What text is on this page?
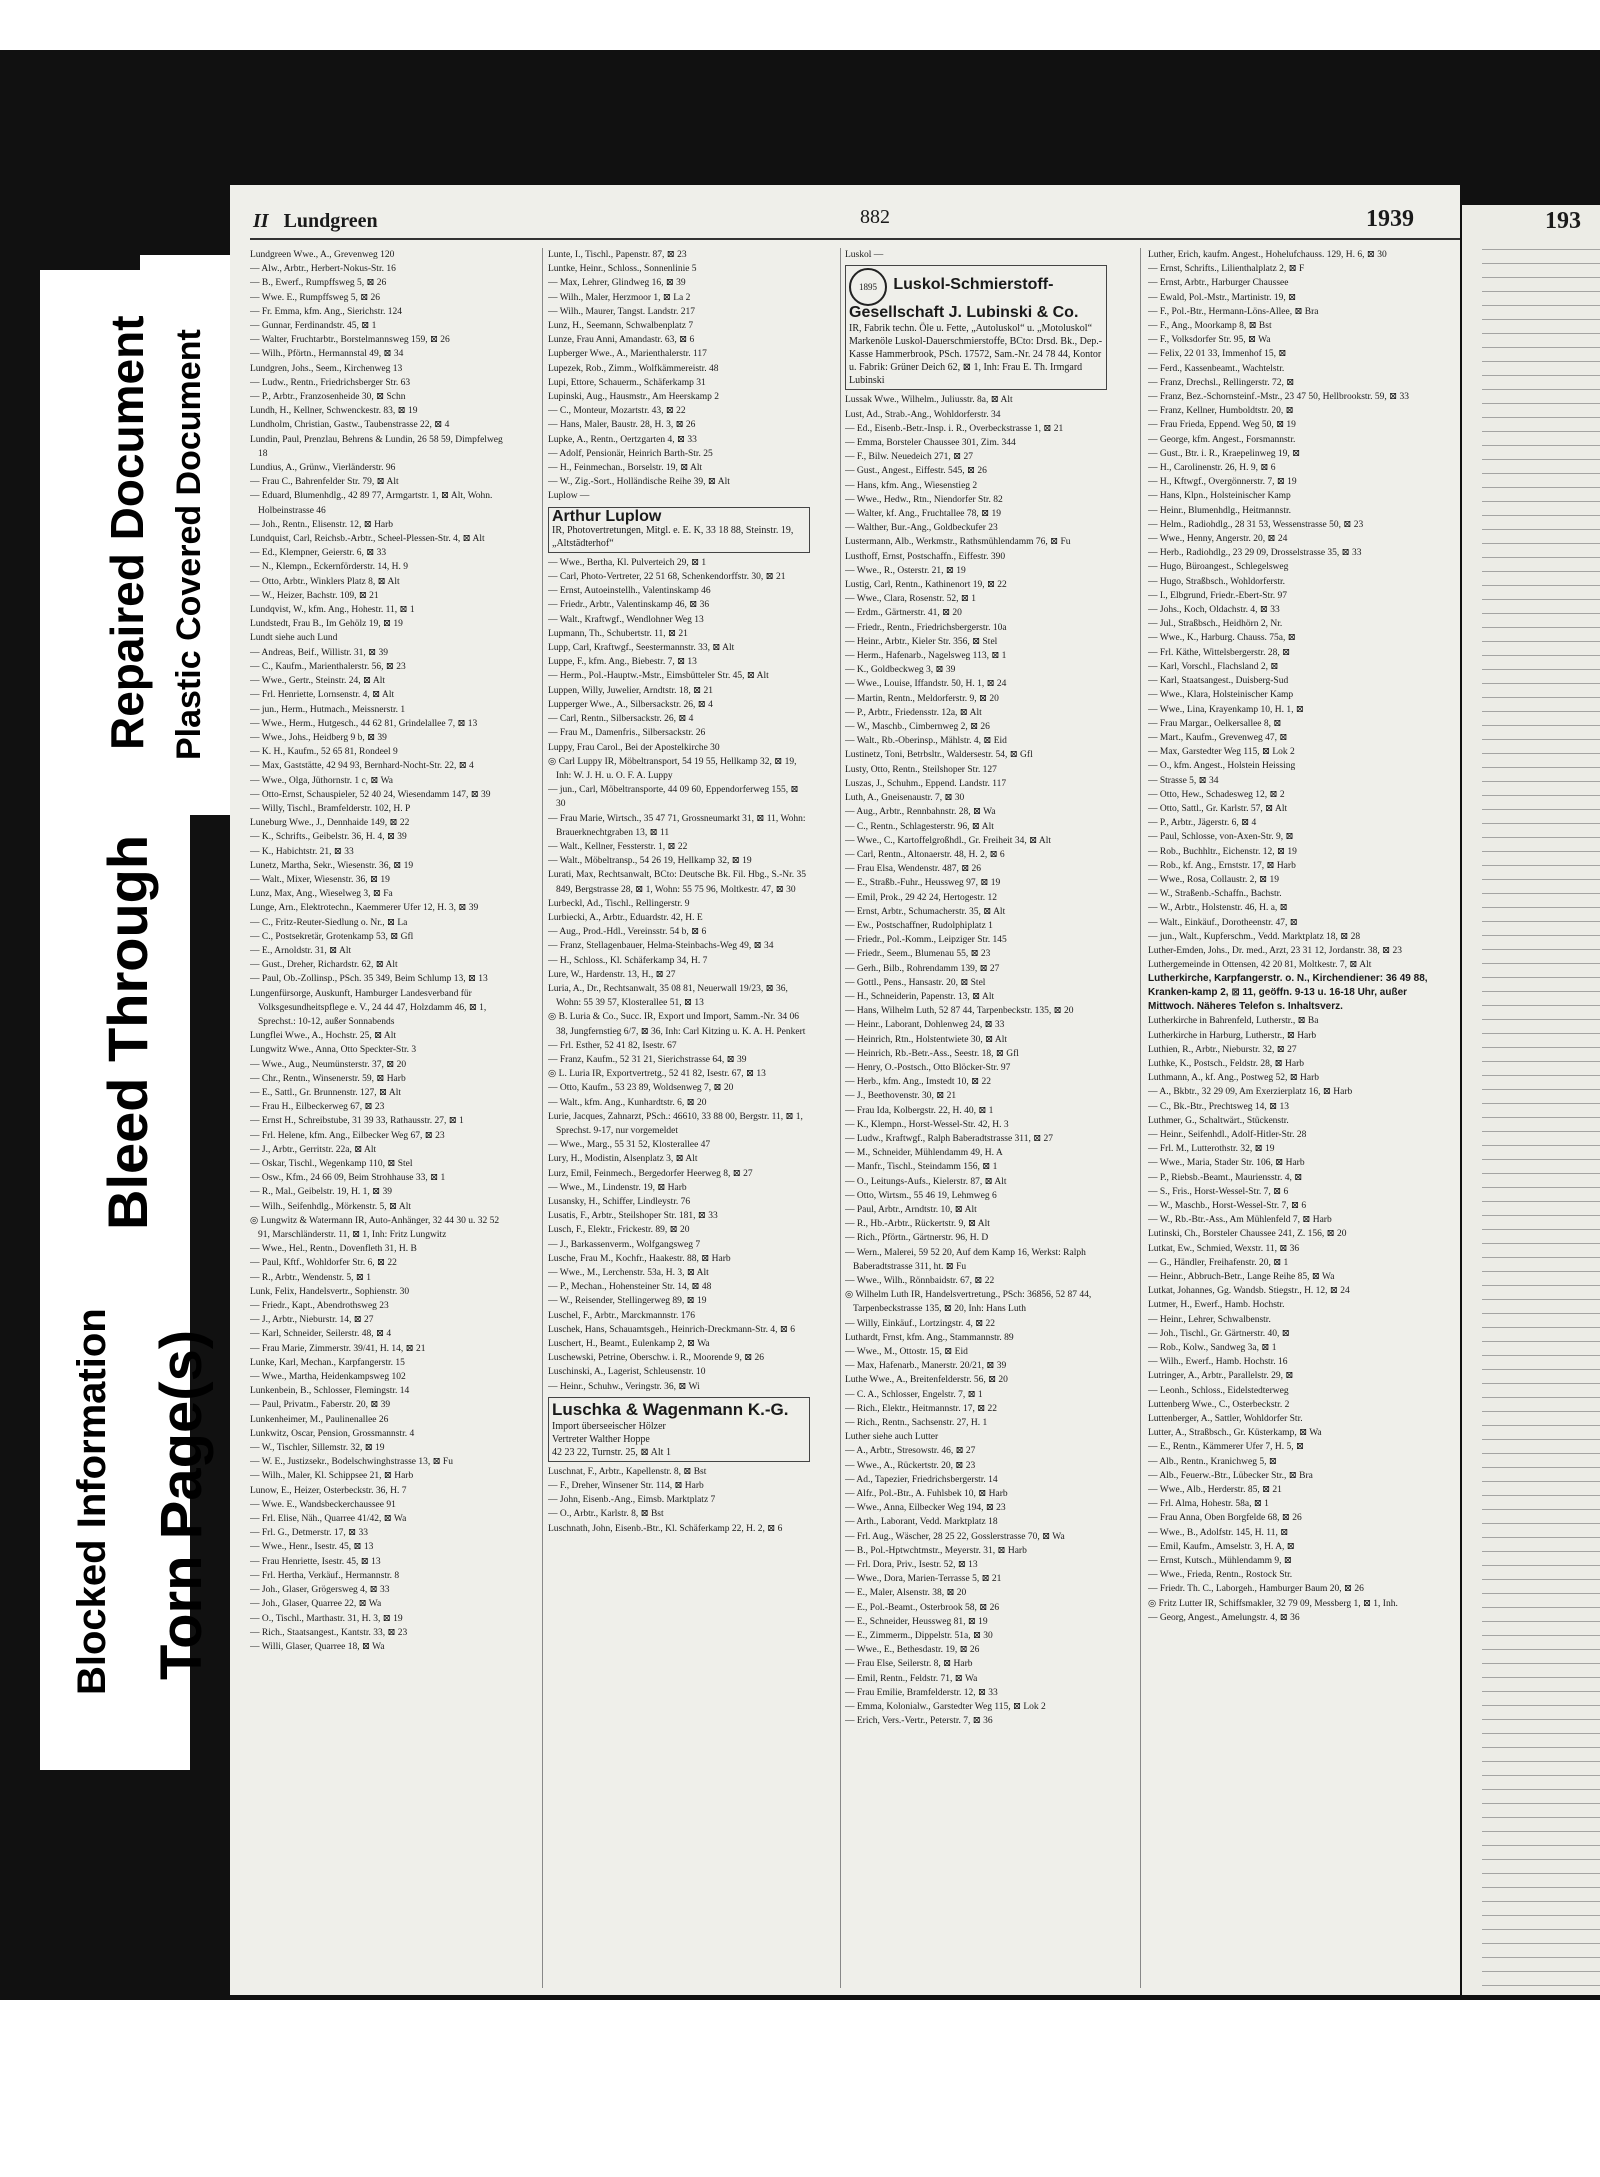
Blocked Information Torn Page(s)
Bleed Through
Repaired Document Plastic Covered Document
193
II Lundgreen	882	1939
Lundgreen Wwe., A., Grevenweg 120
— Alw., Arbtr., Herbert-Nokus-Str. 16
— B., Ewerf., Rumpffsweg 5, ⊠ 26
— Wwe. E., Rumpffsweg 5, ⊠ 26
— Fr. Emma, kfm. Ang., Sierichstr. 124
— Gunnar, Ferdinandstr. 45, ⊠ 1
— Walter, Fruchtarbtr., Borstelmannsweg 159, ⊠ 26
— Wilh., Pförtn., Hermannstal 49, ⊠ 34
Lundgren, Johs., Seem., Kirchenweg 13
— Ludw., Rentn., Friedrichsberger Str. 63
— P., Arbtr., Franzosenheide 30, ⊠ Schn
Lundh, H., Kellner, Schwenckestr. 83, ⊠ 19
Lundholm, Christian, Gastw., Taubenstrasse 22, ⊠ 4
Lundin, Paul, Prenzlau, Behrens & Lundin, 26 58 59, Dimpfelweg 18
Lundius, A., Grünw., Vierländerstr. 96
— Frau C., Bahrenfelder Str. 79, ⊠ Alt
— Eduard, Blumenhdlg., 42 89 77, Armgartstr. 1, ⊠ Alt, Wohn. Holbeinstrasse 46
— Joh., Rentn., Elisenstr. 12, ⊠ Harb
Lundquist, Carl, Reichsb.-Arbtr., Scheel-Plessen-Str. 4, ⊠ Alt
— Ed., Klempner, Geierstr. 6, ⊠ 33
— N., Klempn., Eckernförderstr. 14, H. 9
— Otto, Arbtr., Winklers Platz 8, ⊠ Alt
— W., Heizer, Bachstr. 109, ⊠ 21
Lundqvist, W., kfm. Ang., Hohestr. 11, ⊠ 1
Lundstedt, Frau B., Im Gehölz 19, ⊠ 19
Lundt siehe auch Lund
— Andreas, Beif., Willistr. 31, ⊠ 39
— C., Kaufm., Marienthalerstr. 56, ⊠ 23
— Wwe., Gertr., Steinstr. 24, ⊠ Alt
— Frl. Henriette, Lornsenstr. 4, ⊠ Alt
— jun., Herm., Hutmach., Meissnerstr. 1
— Wwe., Herm., Hutgesch., 44 62 81, Grindelallee 7, ⊠ 13
— Wwe., Johs., Heidberg 9 b, ⊠ 39
— K. H., Kaufm., 52 65 81, Rondeel 9
— Max, Gaststätte, 42 94 93, Bernhard-Nocht-Str. 22, ⊠ 4
— Wwe., Olga, Jüthornstr. 1 c, ⊠ Wa
— Otto-Ernst, Schauspieler, 52 40 24, Wiesendamm 147, ⊠ 39
— Willy, Tischl., Bramfelderstr. 102, H. P
Luneburg Wwe., J., Dennhaide 149, ⊠ 22
— K., Schrifts., Geibelstr. 36, H. 4, ⊠ 39
— K., Habichtstr. 21, ⊠ 33
Lunetz, Martha, Sekr., Wiesenstr. 36, ⊠ 19
— Walt., Mixer, Wiesenstr. 36, ⊠ 19
Lunz, Max, Ang., Wieselweg 3, ⊠ Fa
Lunge, Arn., Elektrotechn., Kaemmerer Ufer 12, H. 3, ⊠ 39
— C., Fritz-Reuter-Siedlung o. Nr., ⊠ La
— C., Postsekretär, Grotenkamp 53, ⊠ Gfl
— E., Arnoldstr. 31, ⊠ Alt
— Gust., Dreher, Richardstr. 62, ⊠ Alt
— Paul, Ob.-Zollinsp., PSch. 35 349, Beim Schlump 13, ⊠ 13
Lungenfürsorge, Auskunft, Hamburger Landesverband für Volksgesundheitspflege e. V., 24 44 47, Holzdamm 46, ⊠ 1, Sprechst.: 10-12, außer Sonnabends
Lungflei Wwe., A., Hochstr. 25, ⊠ Alt
Lungwitz Wwe., Anna, Otto Speckter-Str. 3
— Wwe., Aug., Neumünsterstr. 37, ⊠ 20
— Chr., Rentn., Winsenerstr. 59, ⊠ Harb
— E., Sattl., Gr. Brunnenstr. 127, ⊠ Alt
— Frau H., Eilbeckerweg 67, ⊠ 23
— Ernst H., Schreibstube, 31 39 33, Rathausstr. 27, ⊠ 1
— Frl. Helene, kfm. Ang., Eilbecker Weg 67, ⊠ 23
— J., Arbtr., Gerritstr. 22a, ⊠ Alt
— Oskar, Tischl., Wegenkamp 110, ⊠ Stel
— Osw., Kfm., 24 66 09, Beim Strohhause 33, ⊠ 1
— R., Mal., Geibelstr. 19, H. 1, ⊠ 39
— Wilh., Seifenhdlg., Mörkenstr. 5, ⊠ Alt
◎ Lungwitz & Watermann IR, Auto-Anhänger, 32 44 30 u. 32 52 91, Marschländerstr. 11, ⊠ 1, Inh: Fritz Lungwitz
— Wwe., Hel., Rentn., Dovenfleth 31, H. B
— Paul, Kftf., Wohldorfer Str. 6, ⊠ 22
— R., Arbtr., Wendenstr. 5, ⊠ 1
Lunk, Felix, Handelsvertr., Sophienstr. 30
— Friedr., Kapt., Abendrothsweg 23
— J., Arbtr., Nieburstr. 14, ⊠ 27
— Karl, Schneider, Seilerstr. 48, ⊠ 4
— Frau Marie, Zimmerstr. 39/41, H. 14, ⊠ 21
Lunke, Karl, Mechan., Karpfangerstr. 15
— Wwe., Martha, Heidenkampsweg 102
Lunkenbein, B., Schlosser, Flemingstr. 14
— Paul, Privatm., Faberstr. 20, ⊠ 39
Lunkenheimer, M., Paulinenallee 26
Lunkwitz, Oscar, Pension, Grossmannstr. 4
— W., Tischler, Sillemstr. 32, ⊠ 19
— W. E., Justizsekr., Bodelschwinghstrasse 13, ⊠ Fu
— Wilh., Maler, Kl. Schippsee 21, ⊠ Harb
Lunow, E., Heizer, Osterbeckstr. 36, H. 7
— Wwe. E., Wandsbeckerchaussee 91
— Frl. Elise, Näh., Quarree 41/42, ⊠ Wa
— Frl. G., Detmerstr. 17, ⊠ 33
— Wwe., Henr., Isestr. 45, ⊠ 13
— Frau Henriette, Isestr. 45, ⊠ 13
— Frl. Hertha, Verkäuf., Hermannstr. 8
— Joh., Glaser, Grögersweg 4, ⊠ 33
— Joh., Glaser, Quarree 22, ⊠ Wa
— O., Tischl., Marthastr. 31, H. 3, ⊠ 19
— Rich., Staatsangest., Kantstr. 33, ⊠ 23
— Willi, Glaser, Quarree 18, ⊠ Wa
Lunte, I., Tischl., Papenstr. 87, ⊠ 23
Luntke, Heinr., Schloss., Sonnenlinie 5
— Max, Lehrer, Glindweg 16, ⊠ 39
— Wilh., Maler, Herzmoor 1, ⊠ La 2
— Wilh., Maurer, Tangst. Landstr. 217
Lunz, H., Seemann, Schwalbenplatz 7
Lunze, Frau Anni, Amandastr. 63, ⊠ 6
Lupberger Wwe., A., Marienthalerstr. 117
Lupezek, Rob., Zimm., Wolfkämmereistr. 48
Lupi, Ettore, Schauerm., Schäferkamp 31
Lupinski, Aug., Hausmstr., Am Heerskamp 2
— C., Monteur, Mozartstr. 43, ⊠ 22
— Hans, Maler, Baustr. 28, H. 3, ⊠ 26
Lupke, A., Rentn., Oertzgarten 4, ⊠ 33
— Adolf, Pensionär, Heinrich Barth-Str. 25
— H., Feinmechan., Borselstr. 19, ⊠ Alt
— W., Zig.-Sort., Holländische Reihe 39, ⊠ Alt
Luplow —
Arthur Luplow
IR, Photovertretungen, Mitgl. e. E. K, 33 18 88, Steinstr. 19, „Altstädterhof“
— Wwe., Bertha, Kl. Pulverteich 29, ⊠ 1
— Carl, Photo-Vertreter, 22 51 68, Schenkendorffstr. 30, ⊠ 21
— Ernst, Autoeinstellh., Valentinskamp 46
— Friedr., Arbtr., Valentinskamp 46, ⊠ 36
— Walt., Kraftwgf., Wendlohner Weg 13
Lupmann, Th., Schubertstr. 11, ⊠ 21
Lupp, Carl, Kraftwgf., Seestermannstr. 33, ⊠ Alt
Luppe, F., kfm. Ang., Biebestr. 7, ⊠ 13
— Herm., Pol.-Hauptw.-Mstr., Eimsbütteler Str. 45, ⊠ Alt
Luppen, Willy, Juwelier, Arndtstr. 18, ⊠ 21
Lupperger Wwe., A., Silbersackstr. 26, ⊠ 4
— Carl, Rentn., Silbersackstr. 26, ⊠ 4
— Frau M., Damenfris., Silbersackstr. 26
Luppy, Frau Carol., Bei der Apostelkirche 30
◎ Carl Luppy IR, Möbeltransport, 54 19 55, Hellkamp 32, ⊠ 19, Inh: W. J. H. u. O. F. A. Luppy
— jun., Carl, Möbeltransporte, 44 09 60, Eppendorferweg 155, ⊠ 30
— Frau Marie, Wirtsch., 35 47 71, Grossneumarkt 31, ⊠ 11, Wohn: Brauerknechtgraben 13, ⊠ 11
— Walt., Kellner, Fessterstr. 1, ⊠ 22
— Walt., Möbeltransp., 54 26 19, Hellkamp 32, ⊠ 19
Lurati, Max, Rechtsanwalt, BCto: Deutsche Bk. Fil. Hbg., S.-Nr. 35 849, Bergstrasse 28, ⊠ 1, Wohn: 55 75 96, Moltkestr. 47, ⊠ 30
Lurbeckl, Ad., Tischl., Rellingerstr. 9
Lurbiecki, A., Arbtr., Eduardstr. 42, H. E
— Aug., Prod.-Hdl., Vereinsstr. 54 b, ⊠ 6
— Franz, Stellagenbauer, Helma-Steinbachs-Weg 49, ⊠ 34
— H., Schloss., Kl. Schäferkamp 34, H. 7
Lure, W., Hardenstr. 13, H., ⊠ 27
Luria, A., Dr., Rechtsanwalt, 35 08 81, Neuerwall 19/23, ⊠ 36, Wohn: 55 39 57, Klosterallee 51, ⊠ 13
◎ B. Luria & Co., Succ. IR, Export und Import, Samm.-Nr. 34 06 38, Jungfernstieg 6/7, ⊠ 36, Inh: Carl Kitzing u. K. A. H. Penkert
— Frl. Esther, 52 41 82, Isestr. 67
— Franz, Kaufm., 52 31 21, Sierichstrasse 64, ⊠ 39
◎ L. Luria IR, Exportvertretg., 52 41 82, Isestr. 67, ⊠ 13
— Otto, Kaufm., 53 23 89, Woldsenweg 7, ⊠ 20
— Walt., kfm. Ang., Kunhardtstr. 6, ⊠ 20
Lurie, Jacques, Zahnarzt, PSch.: 46610, 33 88 00, Bergstr. 11, ⊠ 1, Sprechst. 9-17, nur vorgemeldet
— Wwe., Marg., 55 31 52, Klosterallee 47
Lury, H., Modistin, Alsenplatz 3, ⊠ Alt
Lurz, Emil, Feinmech., Bergedorfer Heerweg 8, ⊠ 27
— Wwe., M., Lindenstr. 19, ⊠ Harb
Lusansky, H., Schiffer, Lindleystr. 76
Lusatis, F., Arbtr., Steilshoper Str. 181, ⊠ 33
Lusch, F., Elektr., Frickestr. 89, ⊠ 20
— J., Barkassenverm., Wolfgangsweg 7
Lusche, Frau M., Kochfr., Haakestr. 88, ⊠ Harb
— Wwe., M., Lerchenstr. 53a, H. 3, ⊠ Alt
— P., Mechan., Hohensteiner Str. 14, ⊠ 48
— W., Reisender, Stellingerweg 89, ⊠ 19
Luschel, F., Arbtr., Marckmannstr. 176
Luschek, Hans, Schauamtsgeh., Heinrich-Dreckmann-Str. 4, ⊠ 6
Luschert, H., Beamt., Eulenkamp 2, ⊠ Wa
Luschewski, Petrine, Oberschw. i. R., Moorende 9, ⊠ 26
Luschinski, A., Lagerist, Schleusenstr. 10
— Heinr., Schuhw., Veringstr. 36, ⊠ Wi
Luschka & Wagenmann K.-G.
Import überseeischer Hölzer
Vertreter Walther Hoppe
42 23 22, Turnstr. 25, ⊠ Alt 1
Luschnat, F., Arbtr., Kapellenstr. 8, ⊠ Bst
— F., Dreher, Winsener Str. 114, ⊠ Harb
— John, Eisenb.-Ang., Eimsb. Marktplatz 7
— O., Arbtr., Karlstr. 8, ⊠ Bst
Luschnath, John, Eisenb.-Btr., Kl. Schäferkamp 22, H. 2, ⊠ 6
Luskol —
1895 Luskol-Schmierstoff-Gesellschaft J. Lubinski & Co.
IR, Fabrik techn. Öle u. Fette, „Autoluskol“ u. „Motoluskol“ Markenöle Luskol-Dauerschmierstoffe, BCto: Drsd. Bk., Dep.-Kasse Hammerbrook, PSch. 17572, Sam.-Nr. 24 78 44, Kontor u. Fabrik: Grüner Deich 62, ⊠ 1, Inh: Frau E. Th. Irmgard Lubinski
Lussak Wwe., Wilhelm., Juliusstr. 8a, ⊠ Alt
Lust, Ad., Strab.-Ang., Wohldorferstr. 34
— Ed., Eisenb.-Betr.-Insp. i. R., Overbeckstrasse 1, ⊠ 21
— Emma, Borsteler Chaussee 301, Zim. 344
— F., Bilw. Neuedeich 271, ⊠ 27
— Gust., Angest., Eiffestr. 545, ⊠ 26
— Hans, kfm. Ang., Wiesenstieg 2
— Wwe., Hedw., Rtn., Niendorfer Str. 82
— Walter, kf. Ang., Fruchtallee 78, ⊠ 19
— Walther, Bur.-Ang., Goldbeckufer 23
Lustermann, Alb., Werkmstr., Rathsmühlendamm 76, ⊠ Fu
Lusthoff, Ernst, Postschaffn., Eiffestr. 390
— Wwe., R., Osterstr. 21, ⊠ 19
Lustig, Carl, Rentn., Kathinenort 19, ⊠ 22
— Wwe., Clara, Rosenstr. 52, ⊠ 1
— Erdm., Gärtnerstr. 41, ⊠ 20
— Friedr., Rentn., Friedrichsbergerstr. 10a
— Heinr., Arbtr., Kieler Str. 356, ⊠ Stel
— Herm., Hafenarb., Nagelsweg 113, ⊠ 1
— K., Goldbeckweg 3, ⊠ 39
— Wwe., Louise, Iffandstr. 50, H. 1, ⊠ 24
— Martin, Rentn., Meldorferstr. 9, ⊠ 20
— P., Arbtr., Friedensstr. 12a, ⊠ Alt
— W., Maschb., Cimbernweg 2, ⊠ 26
— Walt., Rb.-Oberinsp., Mählstr. 4, ⊠ Eid
Lustinetz, Toni, Betrbsltr., Waldersestr. 54, ⊠ Gfl
Lusty, Otto, Rentn., Steilshoper Str. 127
Luszas, J., Schuhm., Eppend. Landstr. 117
Luth, A., Gneisenaustr. 7, ⊠ 30
— Aug., Arbtr., Rennbahnstr. 28, ⊠ Wa
— C., Rentn., Schlagesterstr. 96, ⊠ Alt
— Wwe., C., Kartoffelgroßhdl., Gr. Freiheit 34, ⊠ Alt
— Carl, Rentn., Altonaerstr. 48, H. 2, ⊠ 6
— Frau Elsa, Wendenstr. 487, ⊠ 26
— E., Straßb.-Fuhr., Heussweg 97, ⊠ 19
— Emil, Prok., 29 42 24, Hertogestr. 12
— Ernst, Arbtr., Schumacherstr. 35, ⊠ Alt
— Ew., Postschaffner, Rudolphiplatz 1
— Friedr., Pol.-Komm., Leipziger Str. 145
— Friedr., Seem., Blumenau 55, ⊠ 23
— Gerh., Bilb., Rohrendamm 139, ⊠ 27
— Gottl., Pens., Hansastr. 20, ⊠ Stel
— H., Schneiderin, Papenstr. 13, ⊠ Alt
— Hans, Wilhelm Luth, 52 87 44, Tarpenbeckstr. 135, ⊠ 20
— Heinr., Laborant, Dohlenweg 24, ⊠ 33
— Heinrich, Rtn., Holstentwiete 30, ⊠ Alt
— Heinrich, Rb.-Betr.-Ass., Seestr. 18, ⊠ Gfl
— Henry, O.-Postsch., Otto Blöcker-Str. 97
— Herb., kfm. Ang., Imstedt 10, ⊠ 22
— J., Beethovenstr. 30, ⊠ 21
— Frau Ida, Kolbergstr. 22, H. 40, ⊠ 1
— K., Klempn., Horst-Wessel-Str. 42, H. 3
— Ludw., Kraftwgf., Ralph Baberadtstrasse 311, ⊠ 27
— M., Schneider, Mühlendamm 49, H. A
— Manfr., Tischl., Steindamm 156, ⊠ 1
— O., Leitungs-Aufs., Kielerstr. 87, ⊠ Alt
— Otto, Wirtsm., 55 46 19, Lehmweg 6
— Paul, Arbtr., Arndtstr. 10, ⊠ Alt
— R., Hb.-Arbtr., Rückertstr. 9, ⊠ Alt
— Rich., Pförtn., Gärtnerstr. 96, H. D
— Wern., Malerei, 59 52 20, Auf dem Kamp 16, Werkst: Ralph Baberadtstrasse 311, ht. ⊠ Fu
— Wwe., Wilh., Rönnbaidstr. 67, ⊠ 22
◎ Wilhelm Luth IR, Handelsvertretung., PSch: 36856, 52 87 44, Tarpenbeckstrasse 135, ⊠ 20, Inh: Hans Luth
— Willy, Einkäuf., Lortzingstr. 4, ⊠ 22
Luthardt, Frnst, kfm. Ang., Stammannstr. 89
— Wwe., M., Ottostr. 15, ⊠ Eid
— Max, Hafenarb., Manerstr. 20/21, ⊠ 39
Luthe Wwe., A., Breitenfelderstr. 56, ⊠ 20
— C. A., Schlosser, Engelstr. 7, ⊠ 1
— Rich., Elektr., Heitmannstr. 17, ⊠ 22
— Rich., Rentn., Sachsenstr. 27, H. 1
Luther siehe auch Lutter
— A., Arbtr., Stresowstr. 46, ⊠ 27
— Wwe., A., Rückertstr. 20, ⊠ 23
— Ad., Tapezier, Friedrichsbergerstr. 14
— Alfr., Pol.-Btr., A. Fuhlsbek 10, ⊠ Harb
— Wwe., Anna, Eilbecker Weg 194, ⊠ 23
— Arth., Laborant, Vedd. Marktplatz 18
— Frl. Aug., Wäscher, 28 25 22, Gosslerstrasse 70, ⊠ Wa
— B., Pol.-Hptwchtmstr., Meyerstr. 31, ⊠ Harb
— Frl. Dora, Priv., Isestr. 52, ⊠ 13
— Wwe., Dora, Marien-Terrasse 5, ⊠ 21
— E., Maler, Alsenstr. 38, ⊠ 20
— E., Pol.-Beamt., Osterbrook 58, ⊠ 26
— E., Schneider, Heussweg 81, ⊠ 19
— E., Zimmerm., Dippelstr. 51a, ⊠ 30
— Wwe., E., Bethesdastr. 19, ⊠ 26
— Frau Else, Seilerstr. 8, ⊠ Harb
— Emil, Rentn., Feldstr. 71, ⊠ Wa
— Frau Emilie, Bramfelderstr. 12, ⊠ 33
— Emma, Kolonialw., Garstedter Weg 115, ⊠ Lok 2
— Erich, Vers.-Vertr., Peterstr. 7, ⊠ 36
Luther, Erich, kaufm. Angest., Hohelufchauss. 129, H. 6, ⊠ 30
— Ernst, Schrifts., Lilienthalplatz 2, ⊠ F
— Ernst, Arbtr., Harburger Chaussee
— Ewald, Pol.-Mstr., Martinistr. 19, ⊠
— F., Pol.-Btr., Hermann-Löns-Allee, ⊠ Bra
— F., Ang., Moorkamp 8, ⊠ Bst
— F., Volksdorfer Str. 95, ⊠ Wa
— Felix, 22 01 33, Immenhof 15, ⊠
— Ferd., Kassenbeamt., Wachtelstr.
— Franz, Drechsl., Rellingerstr. 72, ⊠
— Franz, Bez.-Schornsteinf.-Mstr., 23 47 50, Hellbrookstr. 59, ⊠ 33
— Franz, Kellner, Humboldtstr. 20, ⊠
— Frau Frieda, Eppend. Weg 50, ⊠ 19
— George, kfm. Angest., Forsmannstr.
— Gust., Btr. i. R., Kraepelinweg 19, ⊠
— H., Carolinenstr. 26, H. 9, ⊠ 6
— H., Kftwgf., Overgönnerstr. 7, ⊠ 19
— Hans, Klpn., Holsteinischer Kamp
— Heinr., Blumenhdlg., Heitmannstr.
— Helm., Radiohdlg., 28 31 53, Wessenstrasse 50, ⊠ 23
— Wwe., Henny, Angerstr. 20, ⊠ 24
— Herb., Radiohdlg., 23 29 09, Drosselstrasse 35, ⊠ 33
— Hugo, Büroangest., Schlegelsweg
— Hugo, Straßbsch., Wohldorferstr.
— I., Elbgrund, Friedr.-Ebert-Str. 97
— Johs., Koch, Oldachstr. 4, ⊠ 33
— Jul., Straßbsch., Heidhörn 2, Nr.
— Wwe., K., Harburg. Chauss. 75a, ⊠
— Frl. Käthe, Wittelsbergerstr. 28, ⊠
— Karl, Vorschl., Flachsland 2, ⊠
— Karl, Staatsangest., Duisberg-Sud
— Wwe., Klara, Holsteinischer Kamp
— Wwe., Lina, Krayenkamp 10, H. 1, ⊠
— Frau Margar., Oelkersallee 8, ⊠
— Mart., Kaufm., Grevenweg 47, ⊠
— Max, Garstedter Weg 115, ⊠ Lok 2
— O., kfm. Angest., Holstein Heissing
— Strasse 5, ⊠ 34
— Otto, Hew., Schadesweg 12, ⊠ 2
— Otto, Sattl., Gr. Karlstr. 57, ⊠ Alt
— P., Arbtr., Jägerstr. 6, ⊠ 4
— Paul, Schlosse, von-Axen-Str. 9, ⊠
— Rob., Buchhltr., Eichenstr. 12, ⊠ 19
— Rob., kf. Ang., Ernststr. 17, ⊠ Harb
— Wwe., Rosa, Collaustr. 2, ⊠ 19
— W., Straßenb.-Schaffn., Bachstr.
— W., Arbtr., Holstenstr. 46, H. a, ⊠
— Walt., Einkäuf., Dorotheenstr. 47, ⊠
— jun., Walt., Kupferschm., Vedd. Marktplatz 18, ⊠ 28
Luther-Emden, Johs., Dr. med., Arzt, 23 31 12, Jordanstr. 38, ⊠ 23
Luthergemeinde in Ottensen, 42 20 81, Moltkestr. 7, ⊠ Alt
Lutherkirche, Karpfangerstr. o. N., Kirchendiener: 36 49 88, Kranken-kamp 2, ⊠ 11, geöffn. 9-13 u. 16-18 Uhr, außer Mittwoch. Näheres Telefon s. Inhaltsverz.
Lutherkirche in Bahrenfeld, Lutherstr., ⊠ Ba
Lutherkirche in Harburg, Lutherstr., ⊠ Harb
Luthien, R., Arbtr., Nieburstr. 32, ⊠ 27
Luthke, K., Postsch., Feldstr. 28, ⊠ Harb
Luthmann, A., kf. Ang., Postweg 52, ⊠ Harb
— A., Bkbtr., 32 29 09, Am Exerzierplatz 16, ⊠ Harb
— C., Bk.-Btr., Prechtsweg 14, ⊠ 13
Luthmer, G., Schaltwärt., Stückenstr.
— Heinr., Seifenhdl., Adolf-Hitler-Str. 28
— Frl. M., Lutterothstr. 32, ⊠ 19
— Wwe., Maria, Stader Str. 106, ⊠ Harb
— P., Riebsb.-Beamt., Mauriensstr. 4, ⊠
— S., Fris., Horst-Wessel-Str. 7, ⊠ 6
— W., Maschb., Horst-Wessel-Str. 7, ⊠ 6
— W., Rb.-Btr.-Ass., Am Mühlenfeld 7, ⊠ Harb
Lutinski, Ch., Borsteler Chaussee 241, Z. 156, ⊠ 20
Lutkat, Ew., Schmied, Wexstr. 11, ⊠ 36
— G., Händler, Freihafenstr. 20, ⊠ 1
— Heinr., Abbruch-Betr., Lange Reihe 85, ⊠ Wa
Lutkat, Johannes, Gg. Wandsb. Stiegstr., H. 12, ⊠ 24
Lutmer, H., Ewerf., Hamb. Hochstr.
— Heinr., Lehrer, Schwalbenstr.
— Joh., Tischl., Gr. Gärtnerstr. 40, ⊠
— Rob., Kolw., Sandweg 3a, ⊠ 1
— Wilh., Ewerf., Hamb. Hochstr. 16
Lutringer, A., Arbtr., Parallelstr. 29, ⊠
— Leonh., Schloss., Eidelstedterweg
Luttenberg Wwe., C., Osterbeckstr. 2
Luttenberger, A., Sattler, Wohldorfer Str.
Lutter, A., Straßbsch., Gr. Küsterkamp, ⊠ Wa
— E., Rentn., Kämmerer Ufer 7, H. 5, ⊠
— Alb., Rentn., Kranichweg 5, ⊠
— Alb., Feuerw.-Btr., Lübecker Str., ⊠ Bra
— Wwe., Alb., Herderstr. 85, ⊠ 21
— Frl. Alma, Hohestr. 58a, ⊠ 1
— Frau Anna, Oben Borgfelde 68, ⊠ 26
— Wwe., B., Adolfstr. 145, H. 11, ⊠
— Emil, Kaufm., Amselstr. 3, H. A, ⊠
— Ernst, Kutsch., Mühlendamm 9, ⊠
— Wwe., Frieda, Rentn., Rostock Str.
— Friedr. Th. C., Laborgeh., Hamburger Baum 20, ⊠ 26
◎ Fritz Lutter IR, Schiffsmakler, 32 79 09, Messberg 1, ⊠ 1, Inh.
— Georg, Angest., Amelungstr. 4, ⊠ 36
